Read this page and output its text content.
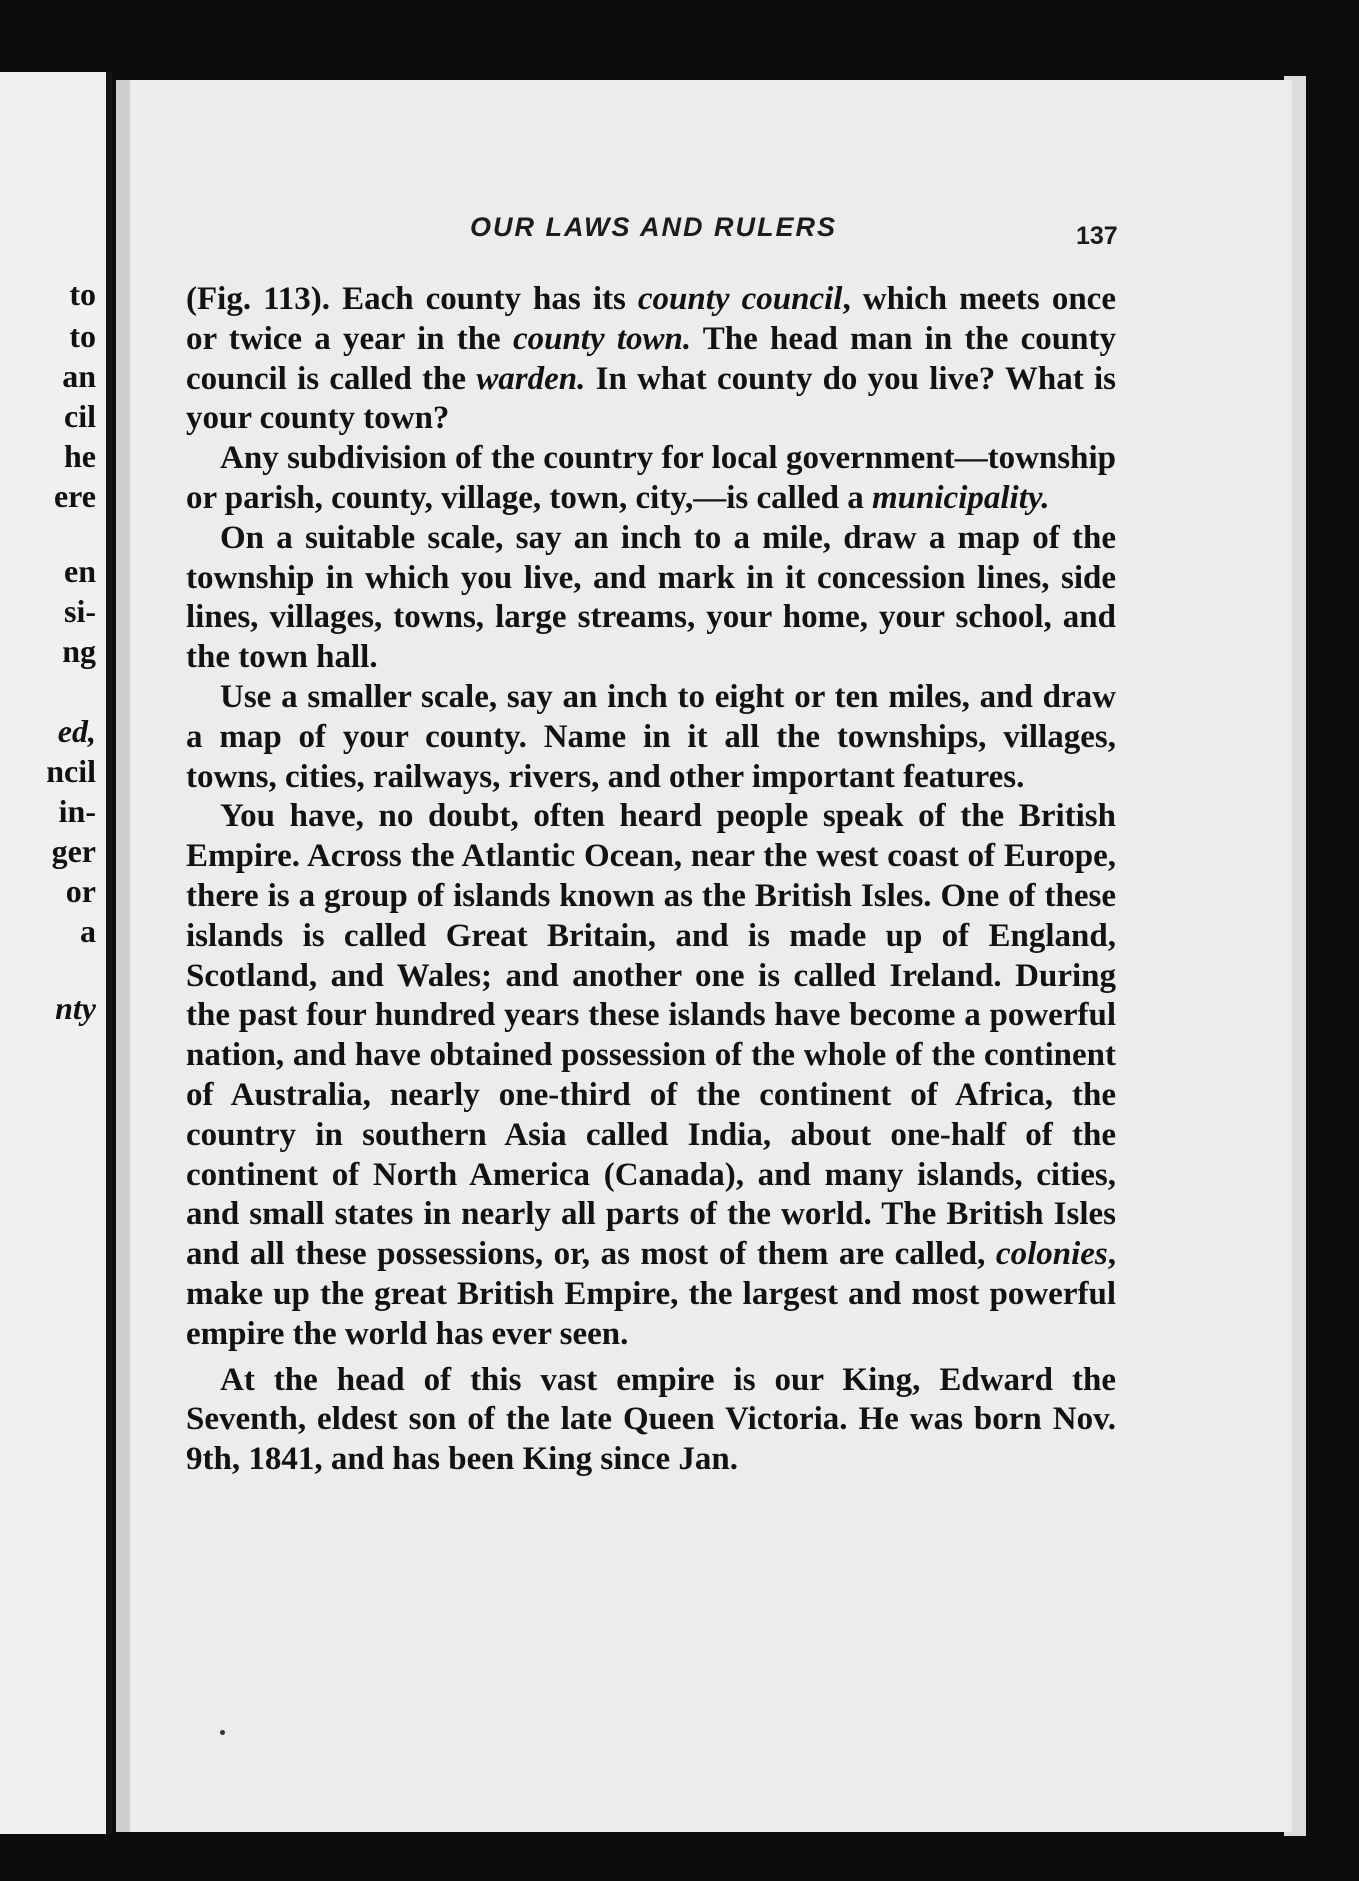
to

to

an

cil

he

ere

en

si-

ng

ed,

ncil

in-

ger

or

a

nty

OUR LAWS AND RULERS	137

(Fig. 113). Each county has its county council, which meets once or twice a year in the county town. The head man in the county council is called the warden. In what county do you live? What is your county town?

Any subdivision of the country for local government—township or parish, county, village, town, city,—is called a municipality.

On a suitable scale, say an inch to a mile, draw a map of the township in which you live, and mark in it concession lines, side lines, villages, towns, large streams, your home, your school, and the town hall.

Use a smaller scale, say an inch to eight or ten miles, and draw a map of your county. Name in it all the townships, villages, towns, cities, railways, rivers, and other important features.

You have, no doubt, often heard people speak of the British Empire. Across the Atlantic Ocean, near the west coast of Europe, there is a group of islands known as the British Isles. One of these islands is called Great Britain, and is made up of England, Scotland, and Wales; and another one is called Ireland. During the past four hundred years these islands have become a powerful nation, and have obtained possession of the whole of the continent of Australia, nearly one-third of the continent of Africa, the country in southern Asia called India, about one-half of the continent of North America (Canada), and many islands, cities, and small states in nearly all parts of the world. The British Isles and all these possessions, or, as most of them are called, colonies, make up the great British Empire, the largest and most powerful empire the world has ever seen.

At the head of this vast empire is our King, Edward the Seventh, eldest son of the late Queen Victoria. He was born Nov. 9th, 1841, and has been King since Jan.
